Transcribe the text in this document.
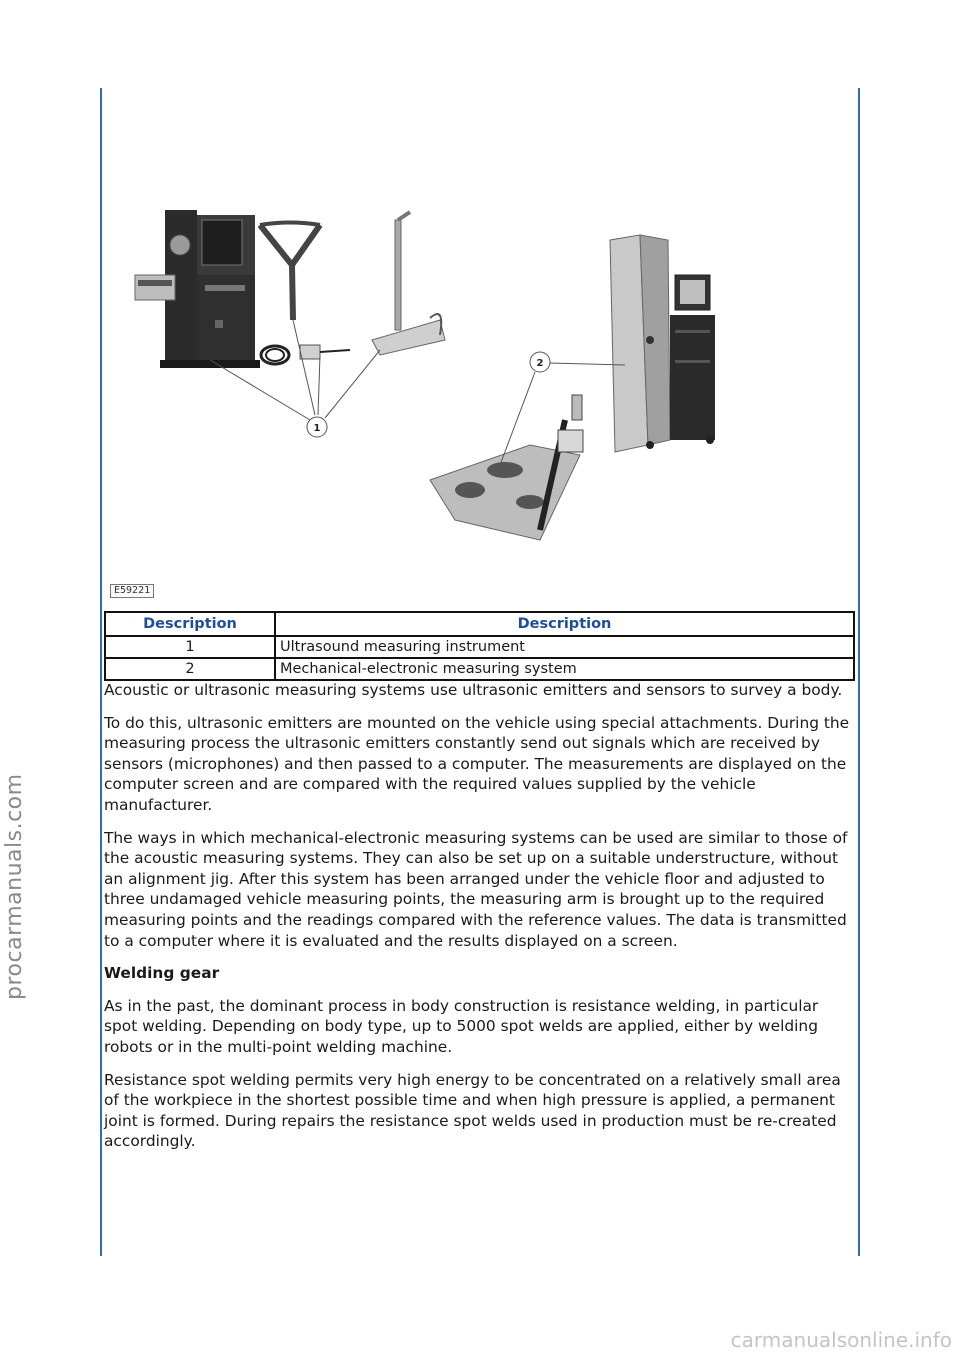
procarmanuals.com
carmanualsonline.info
1
2
E59221
Description	Description
1	Ultrasound measuring instrument
2	Mechanical-electronic measuring system

Acoustic or ultrasonic measuring systems use ultrasonic emitters and sensors to survey a body.

To do this, ultrasonic emitters are mounted on the vehicle using special attachments. During the measuring process the ultrasonic emitters constantly send out signals which are received by sensors (microphones) and then passed to a computer. The measurements are displayed on the computer screen and are compared with the required values supplied by the vehicle manufacturer.

The ways in which mechanical-electronic measuring systems can be used are similar to those of the acoustic measuring systems. They can also be set up on a suitable understructure, without an alignment jig. After this system has been arranged under the vehicle floor and adjusted to three undamaged vehicle measuring points, the measuring arm is brought up to the required measuring points and the readings compared with the reference values. The data is transmitted to a computer where it is evaluated and the results displayed on a screen.

Welding gear

As in the past, the dominant process in body construction is resistance welding, in particular spot welding. Depending on body type, up to 5000 spot welds are applied, either by welding robots or in the multi-point welding machine.

Resistance spot welding permits very high energy to be concentrated on a relatively small area of the workpiece in the shortest possible time and when high pressure is applied, a permanent joint is formed. During repairs the resistance spot welds used in production must be re-created accordingly.
